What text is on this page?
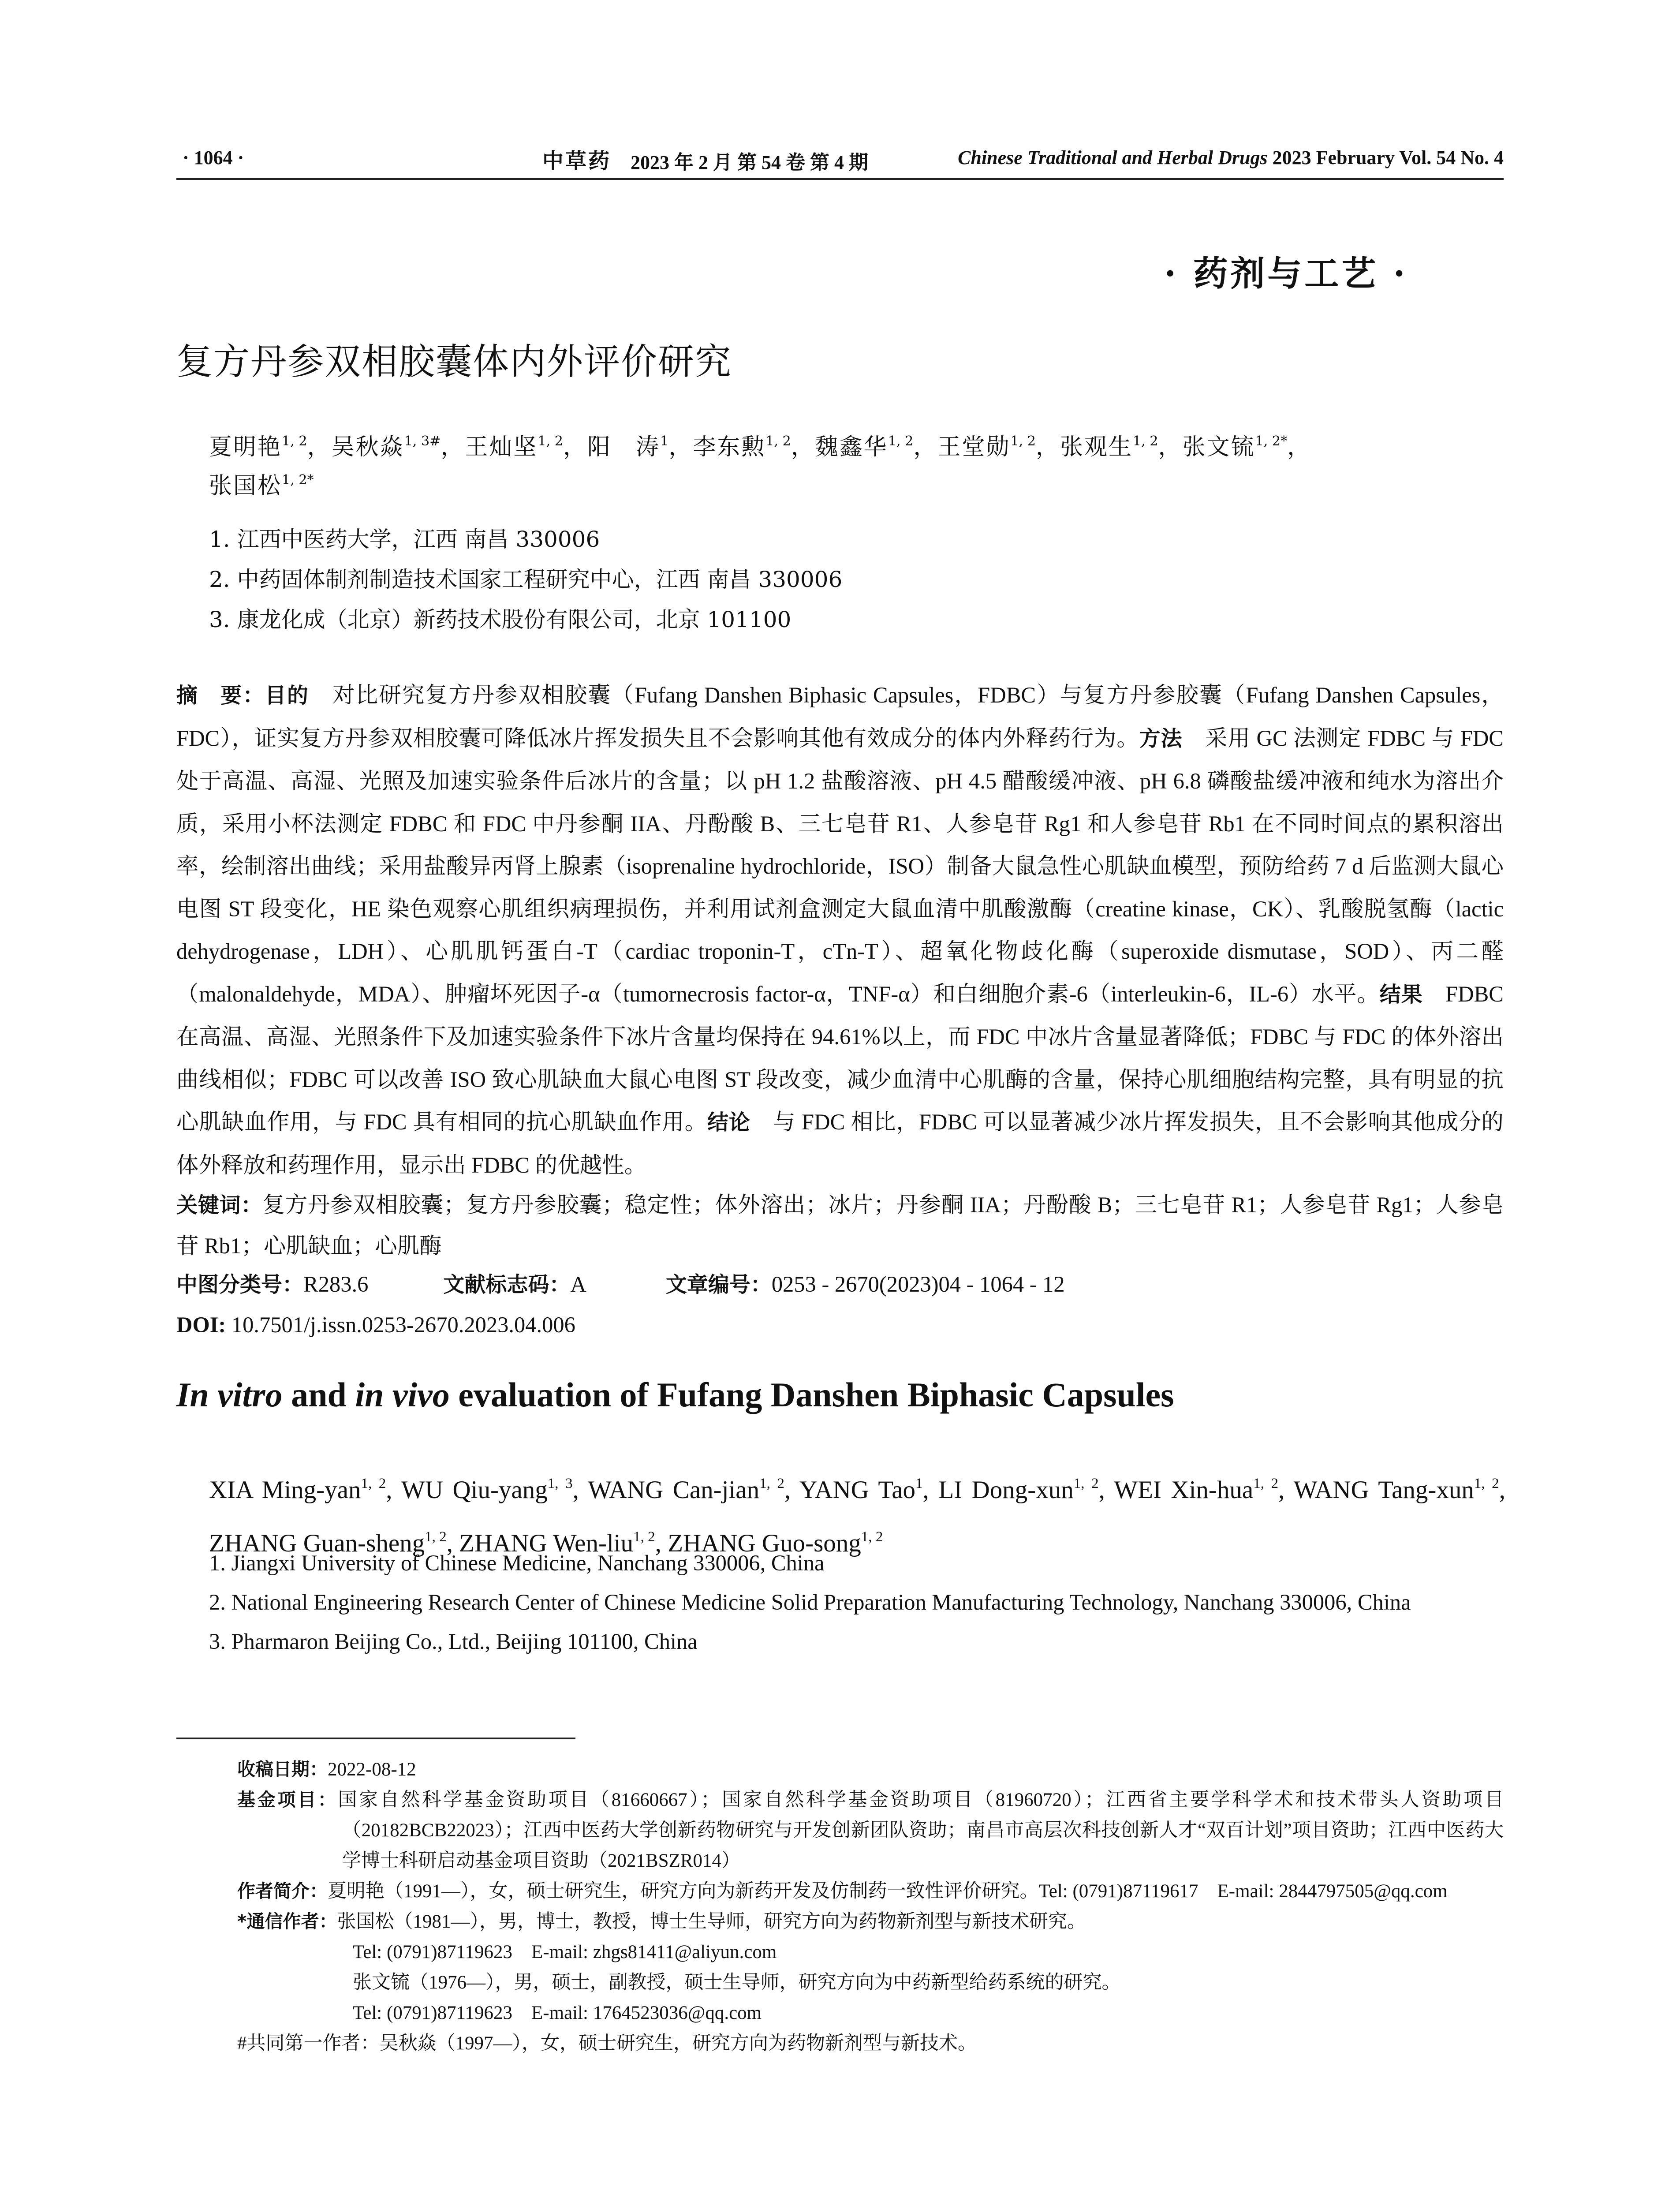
· 1064 ·	中草药 2023 年 2 月 第 54 卷 第 4 期	Chinese Traditional and Herbal Drugs 2023 February Vol. 54 No. 4
· 药剂与工艺 ·
复方丹参双相胶囊体内外评价研究
夏明艳$^{1, 2}$，吴秋焱$^{1, 3\#}$，王灿坚$^{1, 2}$，阳　涛$^1$，李东勲$^{1, 2}$，魏鑫华$^{1, 2}$，王堂勋$^{1, 2}$，张观生$^{1, 2}$，张文锍$^{1, 2*}$，
张国松$^{1, 2*}$
1. 江西中医药大学，江西 南昌 330006
2. 中药固体制剂制造技术国家工程研究中心，江西 南昌 330006
3. 康龙化成（北京）新药技术股份有限公司，北京 101100
摘　要：目的　对比研究复方丹参双相胶囊（Fufang Danshen Biphasic Capsules，FDBC）与复方丹参胶囊（Fufang Danshen Capsules，FDC），证实复方丹参双相胶囊可降低冰片挥发损失且不会影响其他有效成分的体内外释药行为。方法　采用 GC 法测定 FDBC 与 FDC 处于高温、高湿、光照及加速实验条件后冰片的含量；以 pH 1.2 盐酸溶液、pH 4.5 醋酸缓冲液、pH 6.8 磷酸盐缓冲液和纯水为溶出介质，采用小杯法测定 FDBC 和 FDC 中丹参酮 IIA、丹酚酸 B、三七皂苷 R1、人参皂苷 Rg1 和人参皂苷 Rb1 在不同时间点的累积溶出率，绘制溶出曲线；采用盐酸异丙肾上腺素（isoprenaline hydrochloride，ISO）制备大鼠急性心肌缺血模型，预防给药 7 d 后监测大鼠心电图 ST 段变化，HE 染色观察心肌组织病理损伤，并利用试剂盒测定大鼠血清中肌酸激酶（creatine kinase，CK）、乳酸脱氢酶（lactic dehydrogenase，LDH）、心肌肌钙蛋白-T（cardiac troponin-T，cTn-T）、超氧化物歧化酶（superoxide dismutase，SOD）、丙二醛（malonaldehyde，MDA）、肿瘤坏死因子-α（tumornecrosis factor-α，TNF-α）和白细胞介素-6（interleukin-6，IL-6）水平。结果　FDBC 在高温、高湿、光照条件下及加速实验条件下冰片含量均保持在 94.61%以上，而 FDC 中冰片含量显著降低；FDBC 与 FDC 的体外溶出曲线相似；FDBC 可以改善 ISO 致心肌缺血大鼠心电图 ST 段改变，减少血清中心肌酶的含量，保持心肌细胞结构完整，具有明显的抗心肌缺血作用，与 FDC 具有相同的抗心肌缺血作用。结论　与 FDC 相比，FDBC 可以显著减少冰片挥发损失，且不会影响其他成分的体外释放和药理作用，显示出 FDBC 的优越性。
关键词：复方丹参双相胶囊；复方丹参胶囊；稳定性；体外溶出；冰片；丹参酮 IIA；丹酚酸 B；三七皂苷 R1；人参皂苷 Rg1；人参皂苷 Rb1；心肌缺血；心肌酶
中图分类号：R283.6	文献标志码：A	文章编号：0253 - 2670(2023)04 - 1064 - 12
DOI: 10.7501/j.issn.0253-2670.2023.04.006
In vitro and in vivo evaluation of Fufang Danshen Biphasic Capsules
XIA Ming-yan$^{1, 2}$, WU Qiu-yang$^{1, 3}$, WANG Can-jian$^{1, 2}$, YANG Tao$^1$, LI Dong-xun$^{1, 2}$, WEI Xin-hua$^{1, 2}$, WANG Tang-xun$^{1, 2}$, ZHANG Guan-sheng$^{1, 2}$, ZHANG Wen-liu$^{1, 2}$, ZHANG Guo-song$^{1, 2}$
1. Jiangxi University of Chinese Medicine, Nanchang 330006, China
2. National Engineering Research Center of Chinese Medicine Solid Preparation Manufacturing Technology, Nanchang 330006, China
3. Pharmaron Beijing Co., Ltd., Beijing 101100, China
收稿日期：2022-08-12
基金项目：国家自然科学基金资助项目（81660667）；国家自然科学基金资助项目（81960720）；江西省主要学科学术和技术带头人资助项目（20182BCB22023）；江西中医药大学创新药物研究与开发创新团队资助；南昌市高层次科技创新人才“双百计划”项目资助；江西中医药大学博士科研启动基金项目资助（2021BSZR014）
作者简介：夏明艳（1991—），女，硕士研究生，研究方向为新药开发及仿制药一致性评价研究。Tel: (0791)87119617　E-mail: 2844797505@qq.com
*通信作者：张国松（1981—），男，博士，教授，博士生导师，研究方向为药物新剂型与新技术研究。
Tel: (0791)87119623　E-mail: zhgs81411@aliyun.com
张文锍（1976—），男，硕士，副教授，硕士生导师，研究方向为中药新型给药系统的研究。
Tel: (0791)87119623　E-mail: 1764523036@qq.com
#共同第一作者：吴秋焱（1997—），女，硕士研究生，研究方向为药物新剂型与新技术。
